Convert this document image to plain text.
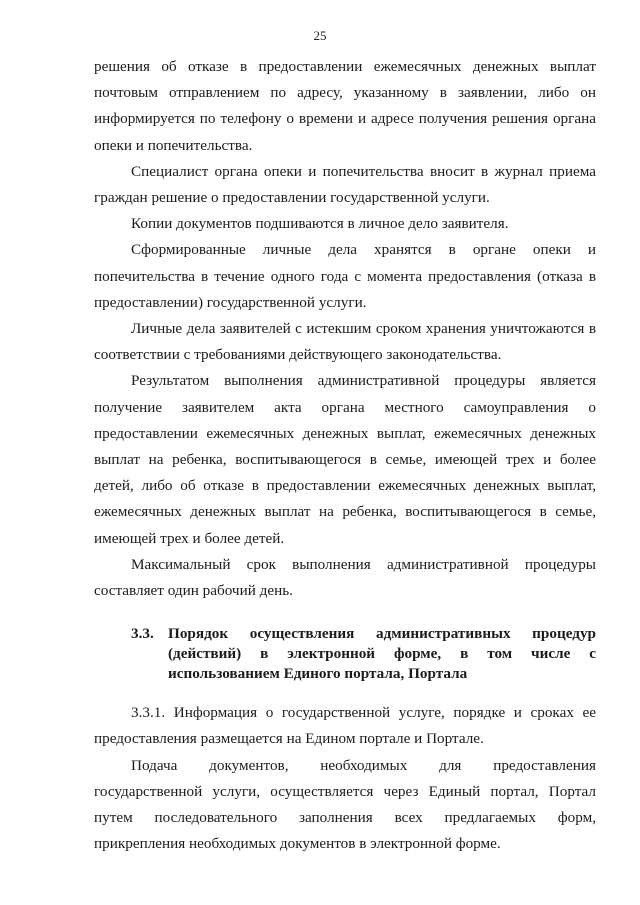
25

решения об отказе в предоставлении ежемесячных денежных выплат почтовым отправлением по адресу, указанному в заявлении, либо он информируется по телефону о времени и адресе получения решения органа опеки и попечительства.

Специалист органа опеки и попечительства вносит в журнал приема граждан решение о предоставлении государственной услуги.

Копии документов подшиваются в личное дело заявителя.

Сформированные личные дела хранятся в органе опеки и попечительства в течение одного года с момента предоставления (отказа в предоставлении) государственной услуги.

Личные дела заявителей с истекшим сроком хранения уничтожаются в соответствии с требованиями действующего законодательства.

Результатом выполнения административной процедуры является получение заявителем акта органа местного самоуправления о предоставлении ежемесячных денежных выплат, ежемесячных денежных выплат на ребенка, воспитывающегося в семье, имеющей трех и более детей, либо об отказе в предоставлении ежемесячных денежных выплат, ежемесячных денежных выплат на ребенка, воспитывающегося в семье, имеющей трех и более детей.

Максимальный срок выполнения административной процедуры составляет один рабочий день.

3.3. Порядок осуществления административных процедур (действий) в электронной форме, в том числе с использованием Единого портала, Портала

3.3.1. Информация о государственной услуге, порядке и сроках ее предоставления размещается на Едином портале и Портале.

Подача документов, необходимых для предоставления государственной услуги, осуществляется через Единый портал, Портал путем последовательного заполнения всех предлагаемых форм, прикрепления необходимых документов в электронной форме.
